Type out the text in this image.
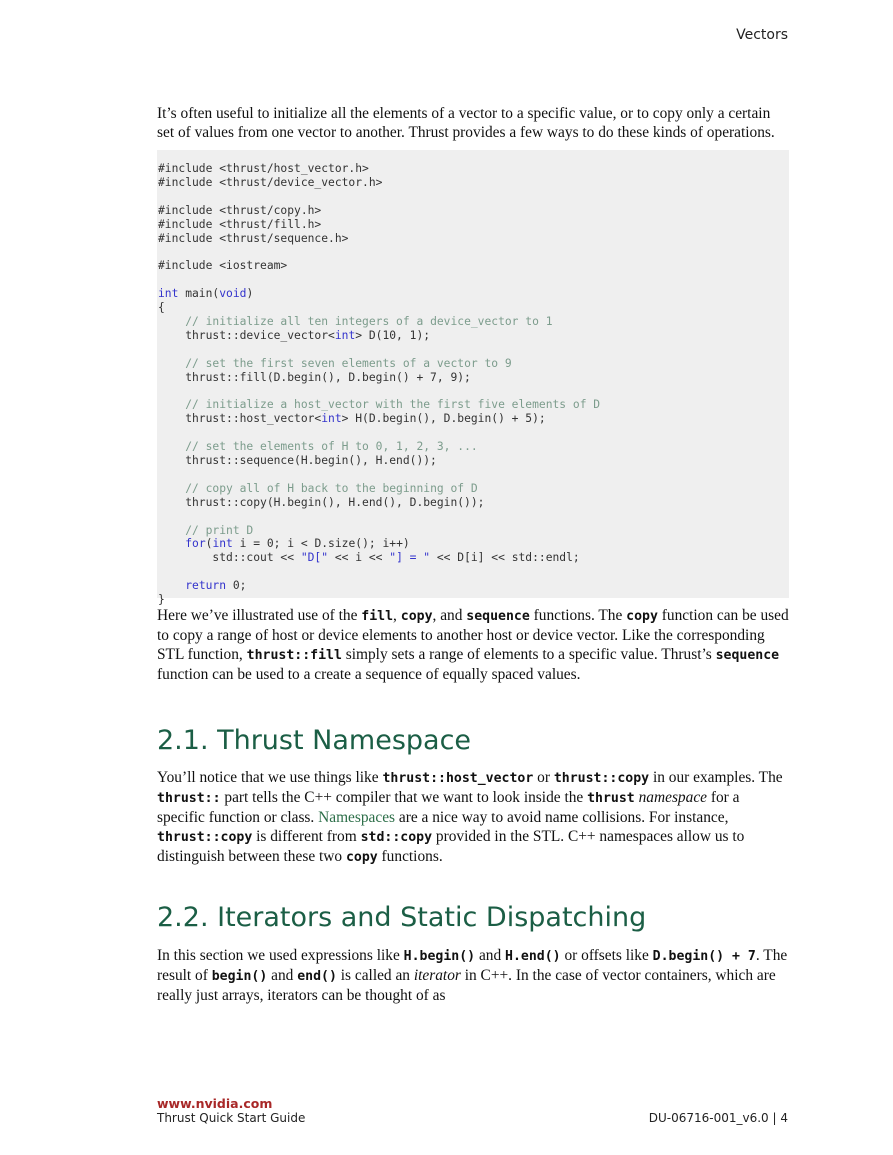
Vectors

It’s often useful to initialize all the elements of a vector to a specific value, or to copy only a certain set of values from one vector to another. Thrust provides a few ways to do these kinds of operations.

#include <thrust/host_vector.h>
#include <thrust/device_vector.h>

#include <thrust/copy.h>
#include <thrust/fill.h>
#include <thrust/sequence.h>

#include <iostream>

int main(void)
{
// initialize all ten integers of a device_vector to 1
thrust::device_vector<int> D(10, 1);

// set the first seven elements of a vector to 9
thrust::fill(D.begin(), D.begin() + 7, 9);

// initialize a host_vector with the first five elements of D
thrust::host_vector<int> H(D.begin(), D.begin() + 5);

// set the elements of H to 0, 1, 2, 3, ...
thrust::sequence(H.begin(), H.end());

// copy all of H back to the beginning of D
thrust::copy(H.begin(), H.end(), D.begin());

// print D
for(int i = 0; i < D.size(); i++)
std::cout << "D[" << i << "] = " << D[i] << std::endl;

return 0;
}

Here we’ve illustrated use of the fill, copy, and sequence functions. The copy function can be used to copy a range of host or device elements to another host or device vector. Like the corresponding STL function, thrust::fill simply sets a range of elements to a specific value. Thrust’s sequence function can be used to a create a sequence of equally spaced values.

2.1. Thrust Namespace

You’ll notice that we use things like thrust::host_vector or thrust::copy in our examples. The thrust:: part tells the C++ compiler that we want to look inside the thrust namespace for a specific function or class. Namespaces are a nice way to avoid name collisions. For instance, thrust::copy is different from std::copy provided in the STL. C++ namespaces allow us to distinguish between these two copy functions.

2.2. Iterators and Static Dispatching

In this section we used expressions like H.begin() and H.end() or offsets like D.begin() + 7. The result of begin() and end() is called an iterator in C++. In the case of vector containers, which are really just arrays, iterators can be thought of as

www.nvidia.com
Thrust Quick Start Guide	DU-06716-001_v6.0 | 4
